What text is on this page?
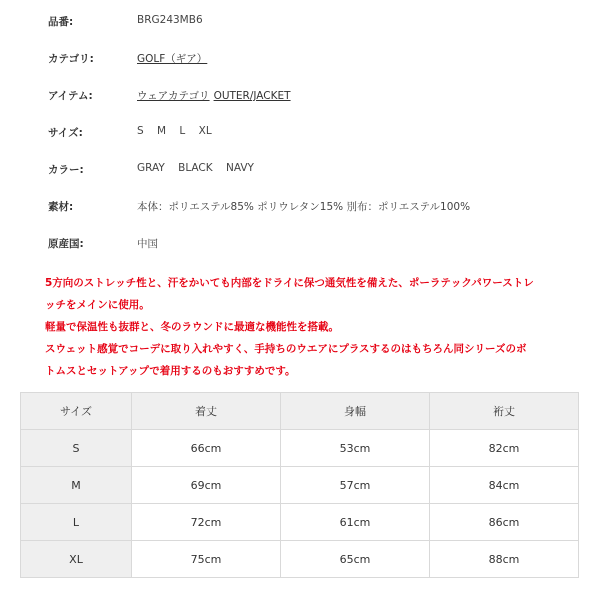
品番:	BRG243MB6
カテゴリ:	GOLF（ギア）
アイテム:	ウェアカテゴリ OUTER/JACKET
サイズ:	S M L XL
カラー:	GRAY BLACK NAVY
素材:	本体：ポリエステル85% ポリウレタン15% 別布：ポリエステル100%
原産国:	中国

5方向のストレッチ性と、汗をかいても内部をドライに保つ通気性を備えた、ポーラテックパワーストレ

ッチをメインに使用。

軽量で保温性も抜群と、冬のラウンドに最適な機能性を搭載。

スウェット感覚でコーデに取り入れやすく、手持ちのウエアにプラスするのはもちろん同シリーズのボ

トムスとセットアップで着用するのもおすすめです。

サイズ	着丈	身幅	裄丈
S	66cm	53cm	82cm
M	69cm	57cm	84cm
L	72cm	61cm	86cm
XL	75cm	65cm	88cm
